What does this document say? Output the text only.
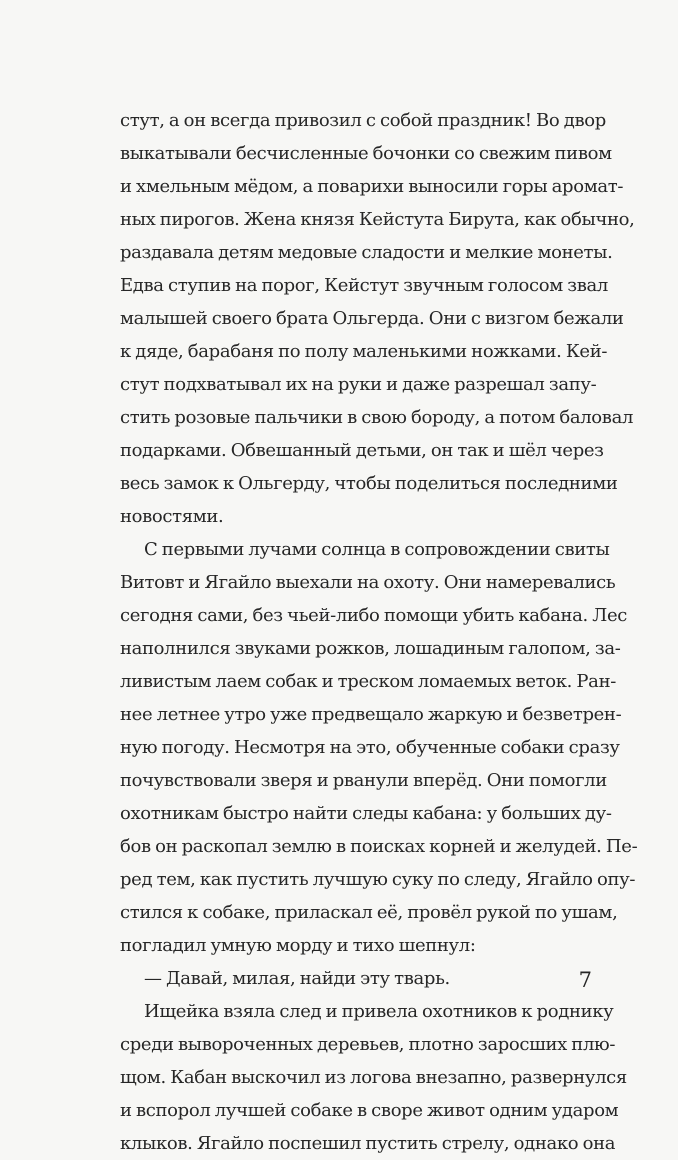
стут, а он всегда привозил с собой праздник! Во двор
выкатывали бесчисленные бочонки со свежим пивом
и хмельным мёдом, а поварихи выносили горы аромат-
ных пирогов. Жена князя Кейстута Бирута, как обычно,
раздавала детям медовые сладости и мелкие монеты.
Едва ступив на порог, Кейстут звучным голосом звал
малышей своего брата Ольгерда. Они с визгом бежали
к дяде, барабаня по полу маленькими ножками. Кей-
стут подхватывал их на руки и даже разрешал запу-
стить розовые пальчики в свою бороду, а потом баловал
подарками. Обвешанный детьми, он так и шёл через
весь замок к Ольгерду, чтобы поделиться последними
новостями.
С первыми лучами солнца в сопровождении свиты
Витовт и Ягайло выехали на охоту. Они намеревались
сегодня сами, без чьей-либо помощи убить кабана. Лес
наполнился звуками рожков, лошадиным галопом, за-
ливистым лаем собак и треском ломаемых веток. Ран-
нее летнее утро уже предвещало жаркую и безветрен-
ную погоду. Несмотря на это, обученные собаки сразу
почувствовали зверя и рванули вперёд. Они помогли
охотникам быстро найти следы кабана: у больших ду-
бов он раскопал землю в поисках корней и желудей. Пе-
ред тем, как пустить лучшую суку по следу, Ягайло опу-
стился к собаке, приласкал её, провёл рукой по ушам,
погладил умную морду и тихо шепнул:
— Давай, милая, найди эту тварь.
Ищейка взяла след и привела охотников к роднику
среди вывороченных деревьев, плотно заросших плю-
щом. Кабан выскочил из логова внезапно, развернулся
и вспорол лучшей собаке в своре живот одним ударом
клыков. Ягайло поспешил пустить стрелу, однако она
7
